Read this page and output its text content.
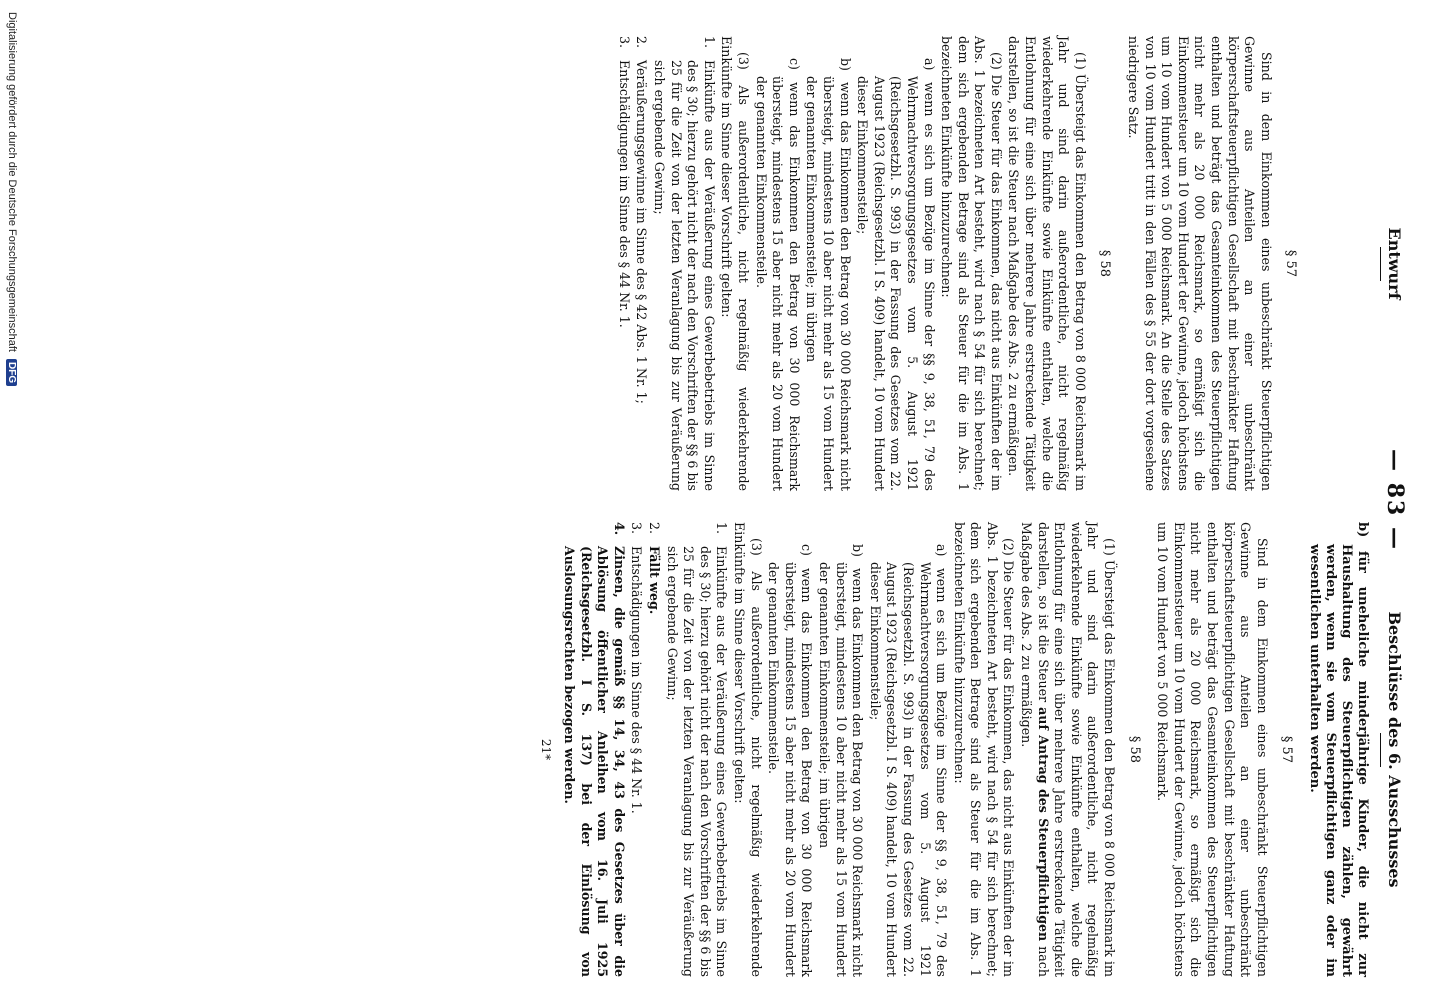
— 83 —
Entwurf
§ 57

Sind in dem Einkommen eines unbeschränkt Steuerpflichtigen Gewinne aus Anteilen an einer unbeschränkt körperschaftsteuerpflichtigen Gesellschaft mit beschränkter Haftung enthalten und beträgt das Gesamteinkommen des Steuerpflichtigen nicht mehr als 20 000 Reichsmark, so ermäßigt sich die Einkommensteuer um 10 vom Hundert der Gewinne, jedoch höchstens um 10 vom Hundert von 5 000 Reichsmark. An die Stelle des Satzes von 10 vom Hundert tritt in den Fällen des § 55 der dort vorgesehene niedrigere Satz.

§ 58

(1) Übersteigt das Einkommen den Betrag von 8 000 Reichsmark im Jahr und sind darin außerordentliche, nicht regelmäßig wiederkehrende Einkünfte sowie Einkünfte enthalten, welche die Entlohnung für eine sich über mehrere Jahre erstreckende Tätigkeit darstellen, so ist die Steuer nach Maßgabe des Abs. 2 zu ermäßigen.

(2) Die Steuer für das Einkommen, das nicht aus Einkünften der im Abs. 1 bezeichneten Art besteht, wird nach § 54 für sich berechnet; dem sich ergebenden Betrage sind als Steuer für die im Abs. 1 bezeichneten Einkünfte hinzuzurechnen:

a)wenn es sich um Bezüge im Sinne der §§ 9, 38, 51, 79 des Wehrmachtversorgungsgesetzes vom 5. August 1921 (Reichsgesetzbl. S. 993) in der Fassung des Gesetzes vom 22. August 1923 (Reichsgesetzbl. I S. 409) handelt, 10 vom Hundert dieser Einkommensteile;

b)wenn das Einkommen den Betrag von 30 000 Reichsmark nicht übersteigt, mindestens 10 aber nicht mehr als 15 vom Hundert der genannten Einkommensteile; im übrigen

c)wenn das Einkommen den Betrag von 30 000 Reichsmark übersteigt, mindestens 15 aber nicht mehr als 20 vom Hundert der genannten Einkommensteile.

(3) Als außerordentliche, nicht regelmäßig wiederkehrende Einkünfte im Sinne dieser Vorschrift gelten:

1.Einkünfte aus der Veräußerung eines Gewerbebetriebs im Sinne des § 30; hierzu gehört nicht der nach den Vorschriften der §§ 6 bis 25 für die Zeit von der letzten Veranlagung bis zur Veräußerung sich ergebende Gewinn;

2.Veräußerungsgewinne im Sinne des § 42 Abs. 1 Nr. 1;

3.Entschädigungen im Sinne des § 44 Nr. 1.

Beschlüsse des 6. Ausschusses

b) für uneheliche minderjährige Kinder, die nicht zur Haushaltung des Steuerpflichtigen zählen, gewährt werden, wenn sie vom Steuerpflichtigen ganz oder im wesentlichen unterhalten werden.

§ 57

Sind in dem Einkommen eines unbeschränkt Steuerpflichtigen Gewinne aus Anteilen an einer unbeschränkt körperschaftsteuerpflichtigen Gesellschaft mit beschränkter Haftung enthalten und beträgt das Gesamteinkommen des Steuerpflichtigen nicht mehr als 20 000 Reichsmark, so ermäßigt sich die Einkommensteuer um 10 vom Hundert der Gewinne, jedoch höchstens um 10 vom Hundert von 5 000 Reichsmark.

§ 58

(1) Übersteigt das Einkommen den Betrag von 8 000 Reichsmark im Jahr und sind darin außerordentliche, nicht regelmäßig wiederkehrende Einkünfte sowie Einkünfte enthalten, welche die Entlohnung für eine sich über mehrere Jahre erstreckende Tätigkeit darstellen, so ist die Steuer auf Antrag des Steuerpflichtigen nach Maßgabe des Abs. 2 zu ermäßigen.

(2) Die Steuer für das Einkommen, das nicht aus Einkünften der im Abs. 1 bezeichneten Art besteht, wird nach § 54 für sich berechnet; dem sich ergebenden Betrage sind als Steuer für die im Abs. 1 bezeichneten Einkünfte hinzuzurechnen:

a)wenn es sich um Bezüge im Sinne der §§ 9, 38, 51, 79 des Wehrmachtversorgungsgesetzes vom 5. August 1921 (Reichsgesetzbl. S. 993) in der Fassung des Gesetzes vom 22. August 1923 (Reichsgesetzbl. I S. 409) handelt, 10 vom Hundert dieser Einkommensteile;

b)wenn das Einkommen den Betrag von 30 000 Reichsmark nicht übersteigt, mindestens 10 aber nicht mehr als 15 vom Hundert der genannten Einkommensteile; im übrigen

c)wenn das Einkommen den Betrag von 30 000 Reichsmark übersteigt, mindestens 15 aber nicht mehr als 20 vom Hundert der genannten Einkommensteile.

(3) Als außerordentliche, nicht regelmäßig wiederkehrende Einkünfte im Sinne dieser Vorschrift gelten:

1.Einkünfte aus der Veräußerung eines Gewerbebetriebs im Sinne des § 30; hierzu gehört nicht der nach den Vorschriften der §§ 6 bis 25 für die Zeit von der letzten Veranlagung bis zur Veräußerung sich ergebende Gewinn;

2.Fällt weg.

3.Entschädigungen im Sinne des § 44 Nr. 1.

4.Zinsen, die gemäß §§ 14, 34, 43 des Gesetzes über die Ablösung öffentlicher Anleihen vom 16. Juli 1925 (Reichsgesetzbl. I S. 137) bei der Einlösung von Auslosungsrechten bezogen werden.

21*
Digitalisierung gefördert durch die Deutsche Forschungsgemeinschaft DFG
